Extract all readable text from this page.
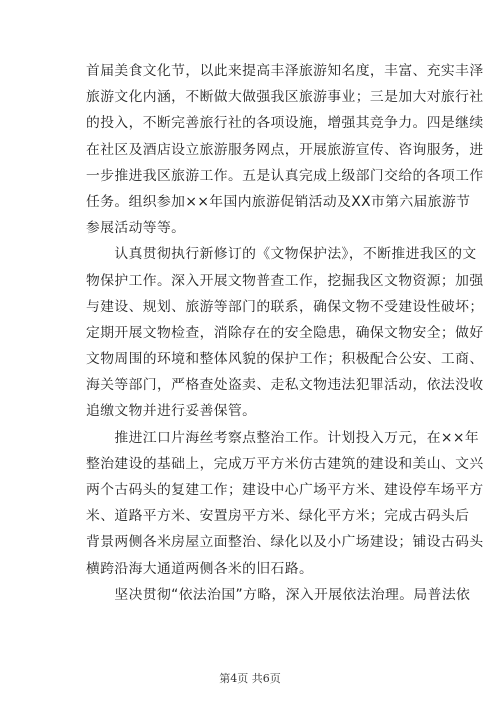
首届美食文化节，以此来提高丰泽旅游知名度，丰富、充实丰泽
旅游文化内涵，不断做大做强我区旅游事业；三是加大对旅行社
的投入，不断完善旅行社的各项设施，增强其竞争力。四是继续
在社区及酒店设立旅游服务网点，开展旅游宣传、咨询服务，进
一步推进我区旅游工作。五是认真完成上级部门交给的各项工作
任务。组织参加××年国内旅游促销活动及XX市第六届旅游节
参展活动等等。
　　认真贯彻执行新修订的《文物保护法》，不断推进我区的文
物保护工作。深入开展文物普查工作，挖掘我区文物资源；加强
与建设、规划、旅游等部门的联系，确保文物不受建设性破坏；
定期开展文物检查，消除存在的安全隐患，确保文物安全；做好
文物周围的环境和整体风貌的保护工作；积极配合公安、工商、
海关等部门，严格查处盗卖、走私文物违法犯罪活动，依法没收
追缴文物并进行妥善保管。
　　推进江口片海丝考察点整治工作。计划投入万元，在××年
整治建设的基础上，完成万平方米仿古建筑的建设和美山、文兴
两个古码头的复建工作；建设中心广场平方米、建设停车场平方
米、道路平方米、安置房平方米、绿化平方米；完成古码头后
背景两侧各米房屋立面整治、绿化以及小广场建设；铺设古码头
横跨沿海大通道两侧各米的旧石路。
　　坚决贯彻“依法治国”方略，深入开展依法治理。局普法依
第4页 共6页
